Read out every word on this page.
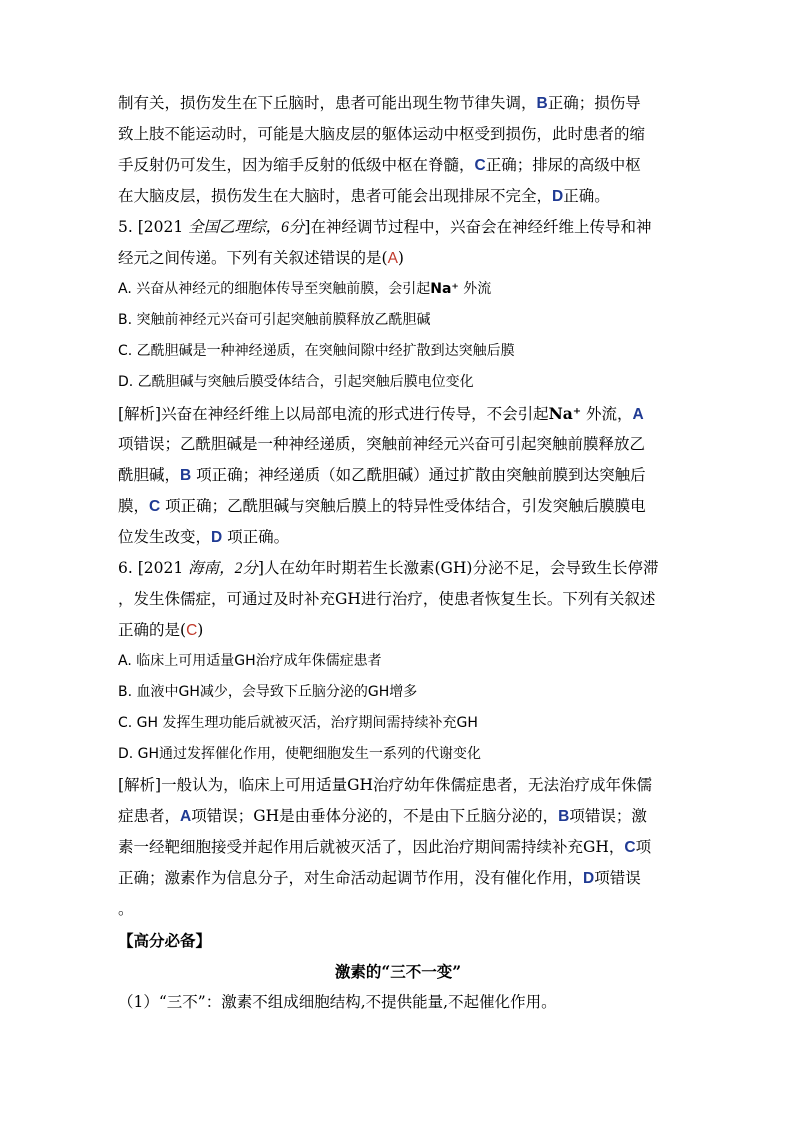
制有关，损伤发生在下丘脑时，患者可能出现生物节律失调，B正确；损伤导
致上肢不能运动时，可能是大脑皮层的躯体运动中枢受到损伤，此时患者的缩
手反射仍可发生，因为缩手反射的低级中枢在脊髓，C正确；排尿的高级中枢
在大脑皮层，损伤发生在大脑时，患者可能会出现排尿不完全，D正确。
5. [2021 全国乙理综，6分]在神经调节过程中，兴奋会在神经纤维上传导和神
经元之间传递。下列有关叙述错误的是(A)
A. 兴奋从神经元的细胞体传导至突触前膜，会引起Na⁺ 外流
B. 突触前神经元兴奋可引起突触前膜释放乙酰胆碱
C. 乙酰胆碱是一种神经递质，在突触间隙中经扩散到达突触后膜
D. 乙酰胆碱与突触后膜受体结合，引起突触后膜电位变化
[解析]兴奋在神经纤维上以局部电流的形式进行传导，不会引起Na⁺ 外流，A
项错误；乙酰胆碱是一种神经递质，突触前神经元兴奋可引起突触前膜释放乙
酰胆碱，B 项正确；神经递质（如乙酰胆碱）通过扩散由突触前膜到达突触后
膜，C 项正确；乙酰胆碱与突触后膜上的特异性受体结合，引发突触后膜膜电
位发生改变，D 项正确。
6. [2021 海南，2分]人在幼年时期若生长激素(GH)分泌不足，会导致生长停滞
，发生侏儒症，可通过及时补充GH进行治疗，使患者恢复生长。下列有关叙述
正确的是(C)
A. 临床上可用适量GH治疗成年侏儒症患者
B. 血液中GH减少，会导致下丘脑分泌的GH增多
C. GH 发挥生理功能后就被灭活，治疗期间需持续补充GH
D. GH通过发挥催化作用，使靶细胞发生一系列的代谢变化
[解析]一般认为，临床上可用适量GH治疗幼年侏儒症患者，无法治疗成年侏儒
症患者，A项错误；GH是由垂体分泌的，不是由下丘脑分泌的，B项错误；激
素一经靶细胞接受并起作用后就被灭活了，因此治疗期间需持续补充GH，C项
正确；激素作为信息分子，对生命活动起调节作用，没有催化作用，D项错误
。
【高分必备】
激素的“三不一变”
（1）“三不”：激素不组成细胞结构,不提供能量,不起催化作用。
